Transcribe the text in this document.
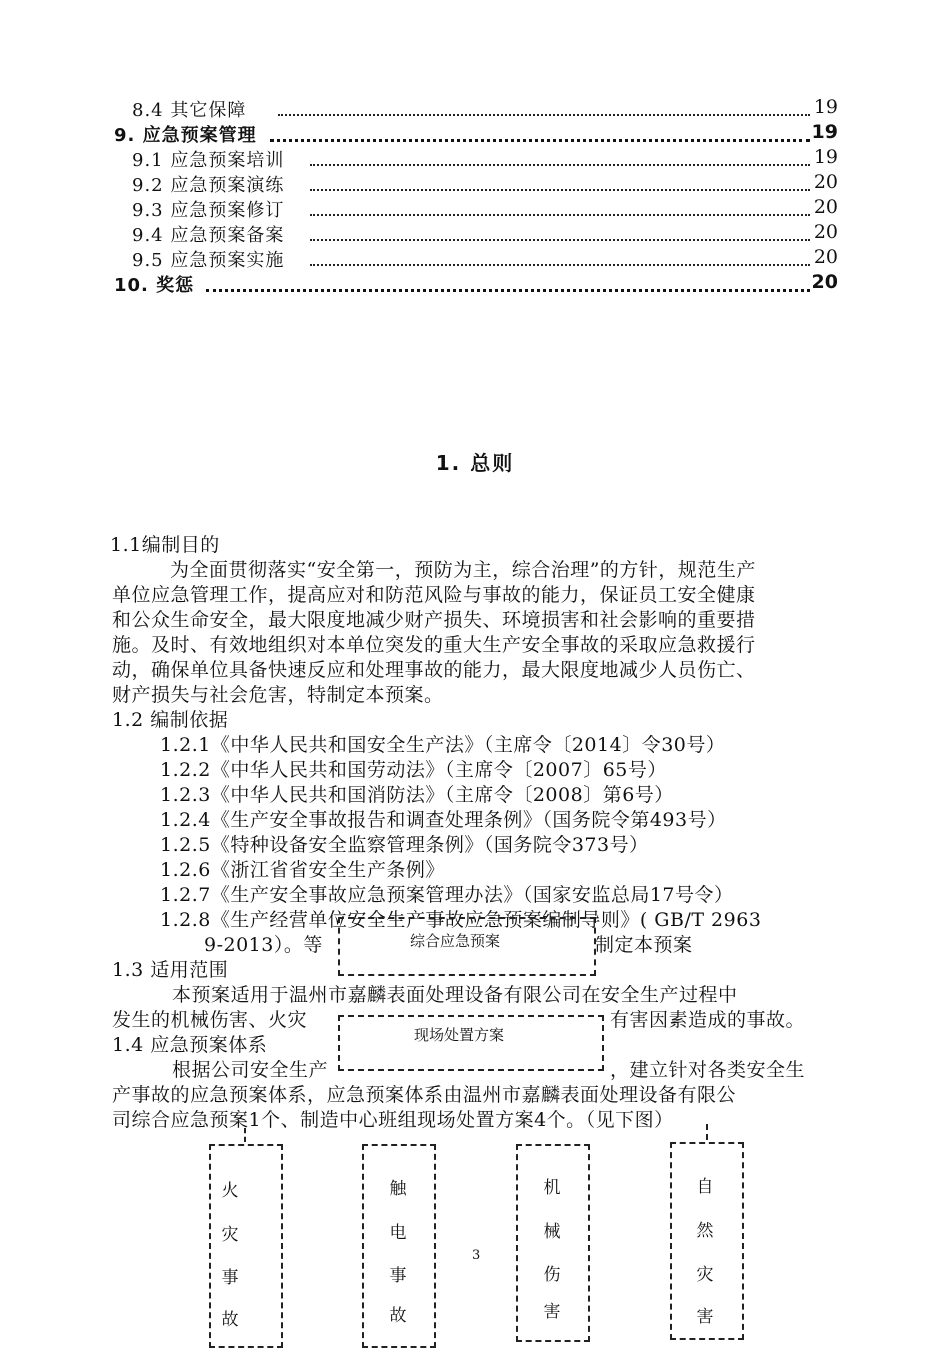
8.4 其它保障	19
9. 应急预案管理	19
9.1 应急预案培训	19
9.2 应急预案演练	20
9.3 应急预案修订	20
9.4 应急预案备案	20
9.5 应急预案实施	20
10. 奖惩	20
1. 总则
1.1编制目的
为全面贯彻落实“安全第一，预防为主，综合治理”的方针，规范生产
单位应急管理工作，提高应对和防范风险与事故的能力，保证员工安全健康
和公众生命安全，最大限度地减少财产损失、环境损害和社会影响的重要措
施。及时、有效地组织对本单位突发的重大生产安全事故的采取应急救援行
动，确保单位具备快速反应和处理事故的能力，最大限度地减少人员伤亡、
财产损失与社会危害，特制定本预案。
1.2 编制依据
1.2.1《中华人民共和国安全生产法》（主席令〔2014〕令30号）
1.2.2《中华人民共和国劳动法》（主席令〔2007〕65号）
1.2.3《中华人民共和国消防法》（主席令〔2008〕第6号）
1.2.4《生产安全事故报告和调查处理条例》（国务院令第493号）
1.2.5《特种设备安全监察管理条例》（国务院令373号）
1.2.6《浙江省省安全生产条例》
1.2.7《生产安全事故应急预案管理办法》（国家安监总局17号令）
1.2.8《生产经营单位安全生产事故应急预案编制导则》( GB/T 2963
9-2013）。等	制定本预案
1.3 适用范围
本预案适用于温州市嘉麟表面处理设备有限公司在安全生产过程中
发生的机械伤害、火灾	有害因素造成的事故。
1.4 应急预案体系
根据公司安全生产	，建立针对各类安全生
产事故的应急预案体系，应急预案体系由温州市嘉麟表面处理设备有限公
司综合应急预案1个、制造中心班组现场处置方案4个。（见下图）
综合应急预案
现场处置方案
火
灾
事
故
触
电
事
故
机
械
伤
害
自
然
灾
害
3
